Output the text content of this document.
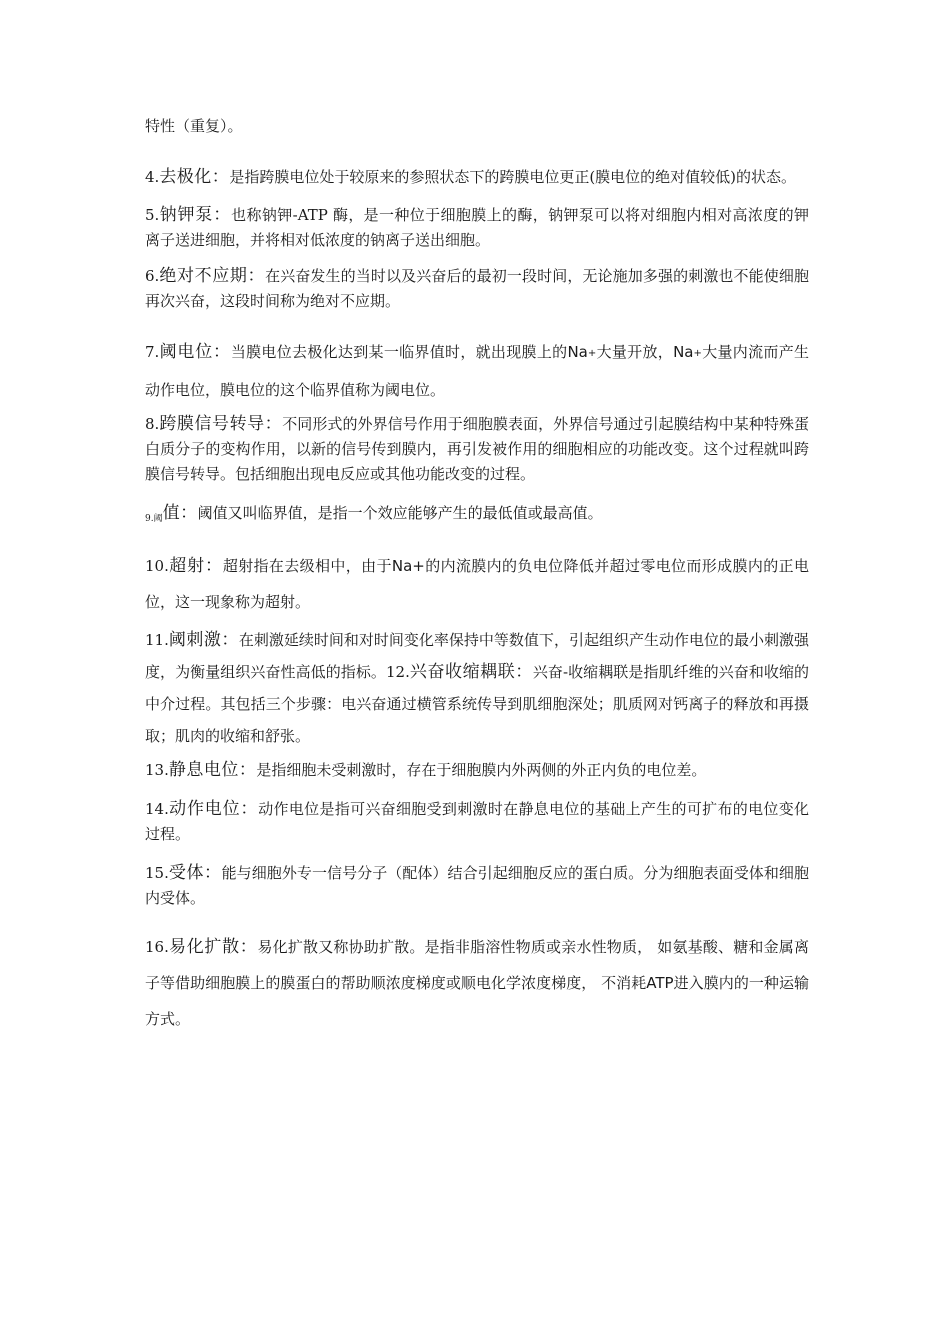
特性（重复）。

4.去极化：是指跨膜电位处于较原来的参照状态下的跨膜电位更正(膜电位的绝对值较低)的状态。

5.钠钾泵：也称钠钾-ATP 酶，是一种位于细胞膜上的酶，钠钾泵可以将对细胞内相对高浓度的钾离子送进细胞，并将相对低浓度的钠离子送出细胞。

6.绝对不应期：在兴奋发生的当时以及兴奋后的最初一段时间，无论施加多强的刺激也不能使细胞再次兴奋，这段时间称为绝对不应期。

7.阈电位：当膜电位去极化达到某一临界值时，就出现膜上的Na+大量开放，Na+大量内流而产生动作电位，膜电位的这个临界值称为阈电位。

8.跨膜信号转导：不同形式的外界信号作用于细胞膜表面，外界信号通过引起膜结构中某种特殊蛋白质分子的变构作用，以新的信号传到膜内，再引发被作用的细胞相应的功能改变。这个过程就叫跨膜信号转导。包括细胞出现电反应或其他功能改变的过程。

$_{9.阈}$值：阈值又叫临界值，是指一个效应能够产生的最低值或最高值。

10.超射：超射指在去级相中，由于Na+的内流膜内的负电位降低并超过零电位而形成膜内的正电位，这一现象称为超射。

11.阈刺激：在刺激延续时间和对时间变化率保持中等数值下，引起组织产生动作电位的最小刺激强度，为衡量组织兴奋性高低的指标。12.兴奋收缩耦联：兴奋-收缩耦联是指肌纤维的兴奋和收缩的中介过程。其包括三个步骤：电兴奋通过横管系统传导到肌细胞深处；肌质网对钙离子的释放和再摄取；肌肉的收缩和舒张。

13.静息电位：是指细胞未受刺激时，存在于细胞膜内外两侧的外正内负的电位差。

14.动作电位：动作电位是指可兴奋细胞受到刺激时在静息电位的基础上产生的可扩布的电位变化过程。

15.受体：能与细胞外专一信号分子（配体）结合引起细胞反应的蛋白质。分为细胞表面受体和细胞内受体。

16.易化扩散：易化扩散又称协助扩散。是指非脂溶性物质或亲水性物质， 如氨基酸、糖和金属离子等借助细胞膜上的膜蛋白的帮助顺浓度梯度或顺电化学浓度梯度， 不消耗ATP进入膜内的一种运输方式。
